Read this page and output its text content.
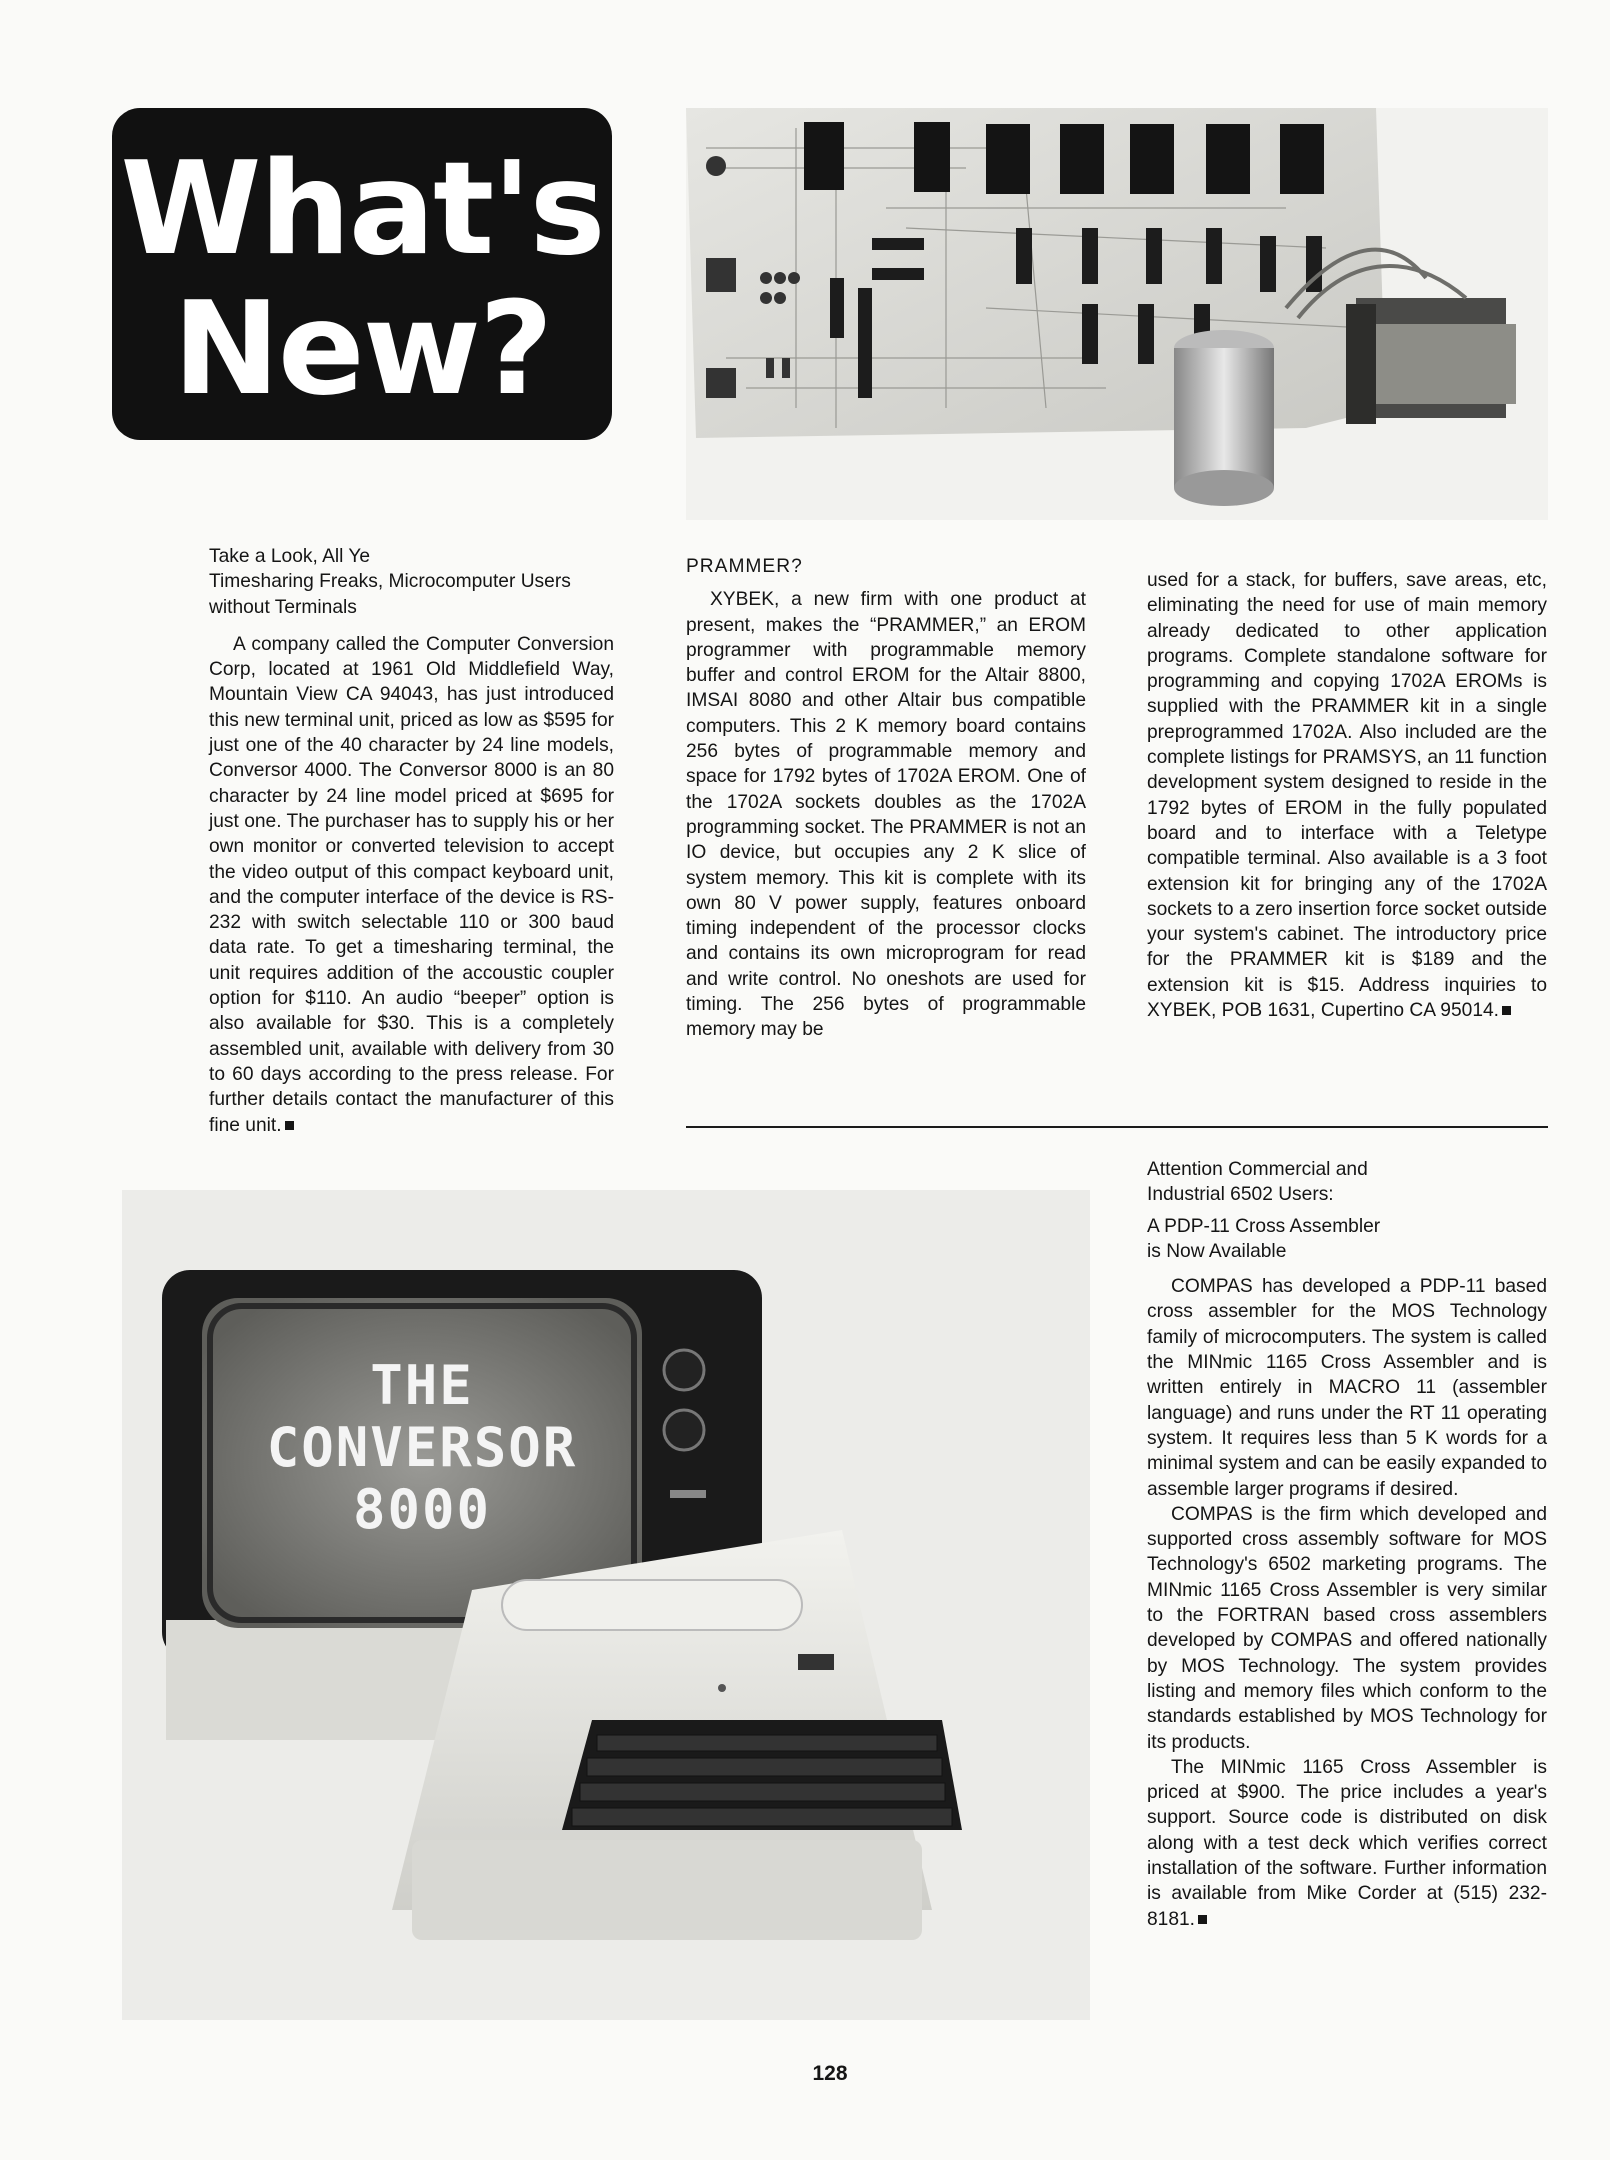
What's
New?

Take a Look, All Ye
Timesharing Freaks, Microcomputer Users
without Terminals

A company called the Computer Conversion Corp, located at 1961 Old Middlefield Way, Mountain View CA 94043, has just introduced this new terminal unit, priced as low as $595 for just one of the 40 character by 24 line models, Conversor 4000. The Conversor 8000 is an 80 character by 24 line model priced at $695 for just one. The purchaser has to supply his or her own monitor or converted television to accept the video output of this compact keyboard unit, and the computer interface of the device is RS-232 with switch selectable 110 or 300 baud data rate. To get a timesharing terminal, the unit requires addition of the accoustic coupler option for $110. An audio “beeper” option is also available for $30. This is a completely assembled unit, available with delivery from 30 to 60 days according to the press release. For further details contact the manufacturer of this fine unit.

PRAMMER?

XYBEK, a new firm with one product at present, makes the “PRAMMER,” an EROM programmer with programmable memory buffer and control EROM for the Altair 8800, IMSAI 8080 and other Altair bus compatible computers. This 2 K memory board contains 256 bytes of programmable memory and space for 1792 bytes of 1702A EROM. One of the 1702A sockets doubles as the 1702A programming socket. The PRAMMER is not an IO device, but occupies any 2 K slice of system memory. This kit is complete with its own 80 V power supply, features onboard timing independent of the processor clocks and contains its own microprogram for read and write control. No oneshots are used for timing. The 256 bytes of programmable memory may be

used for a stack, for buffers, save areas, etc, eliminating the need for use of main memory already dedicated to other application programs. Complete standalone software for programming and copying 1702A EROMs is supplied with the PRAMMER kit in a single preprogrammed 1702A. Also included are the complete listings for PRAMSYS, an 11 function development system designed to reside in the 1792 bytes of EROM in the fully populated board and to interface with a Teletype compatible terminal. Also available is a 3 foot extension kit for bringing any of the 1702A sockets to a zero insertion force socket outside your system's cabinet. The introductory price for the PRAMMER kit is $189 and the extension kit is $15. Address inquiries to XYBEK, POB 1631, Cupertino CA 95014.

THE
CONVERSOR
8000

Attention Commercial and
Industrial 6502 Users:

A PDP-11 Cross Assembler
is Now Available

COMPAS has developed a PDP-11 based cross assembler for the MOS Technology family of microcomputers. The system is called the MINmic 1165 Cross Assembler and is written entirely in MACRO 11 (assembler language) and runs under the RT 11 operating system. It requires less than 5 K words for a minimal system and can be easily expanded to assemble larger programs if desired.

COMPAS is the firm which developed and supported cross assembly software for MOS Technology's 6502 marketing programs. The MINmic 1165 Cross Assembler is very similar to the FORTRAN based cross assemblers developed by COMPAS and offered nationally by MOS Technology. The system provides listing and memory files which conform to the standards established by MOS Technology for its products.

The MINmic 1165 Cross Assembler is priced at $900. The price includes a year's support. Source code is distributed on disk along with a test deck which verifies correct installation of the software. Further information is available from Mike Corder at (515) 232-8181.

128
